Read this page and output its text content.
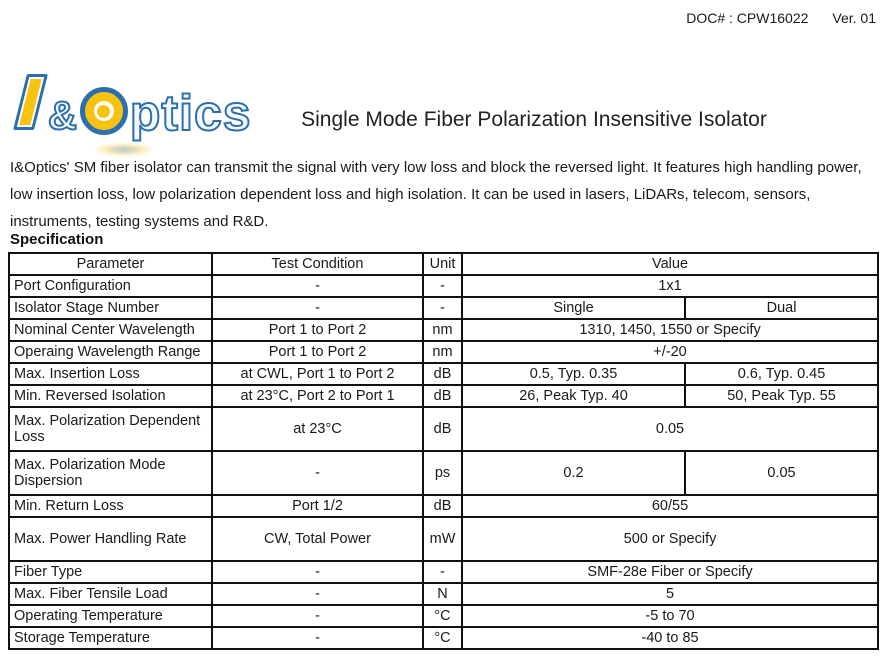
DOC# : CPW16022 Ver. 01
& ptics	Single Mode Fiber Polarization Insensitive Isolator

I&Optics' SM fiber isolator can transmit the signal with very low loss and block the reversed light. It features high handling power, low insertion loss, low polarization dependent loss and high isolation. It can be used in lasers, LiDARs, telecom, sensors, instruments, testing systems and R&D.

Specification
Parameter	Test Condition	Unit	Value	
Port Configuration	-	-	1x1	
Isolator Stage Number	-	-	Single	Dual
Nominal Center Wavelength	Port 1 to Port 2	nm	1310, 1450, 1550 or Specify	
Operaing Wavelength Range	Port 1 to Port 2	nm	+/-20	
Max. Insertion Loss	at CWL, Port 1 to Port 2	dB	0.5, Typ. 0.35	0.6, Typ. 0.45
Min. Reversed Isolation	at 23°C, Port 2 to Port 1	dB	26, Peak Typ. 40	50, Peak Typ. 55
Max. Polarization Dependent Loss	at 23°C	dB	0.05	
Max. Polarization Mode Dispersion	-	ps	0.2	0.05
Min. Return Loss	Port 1/2	dB	60/55	
Max. Power Handling Rate	CW, Total Power	mW	500 or Specify	
Fiber Type	-	-	SMF-28e Fiber or Specify	
Max. Fiber Tensile Load	-	N	5	
Operating Temperature	-	°C	-5 to 70	
Storage Temperature	-	°C	-40 to 85	
